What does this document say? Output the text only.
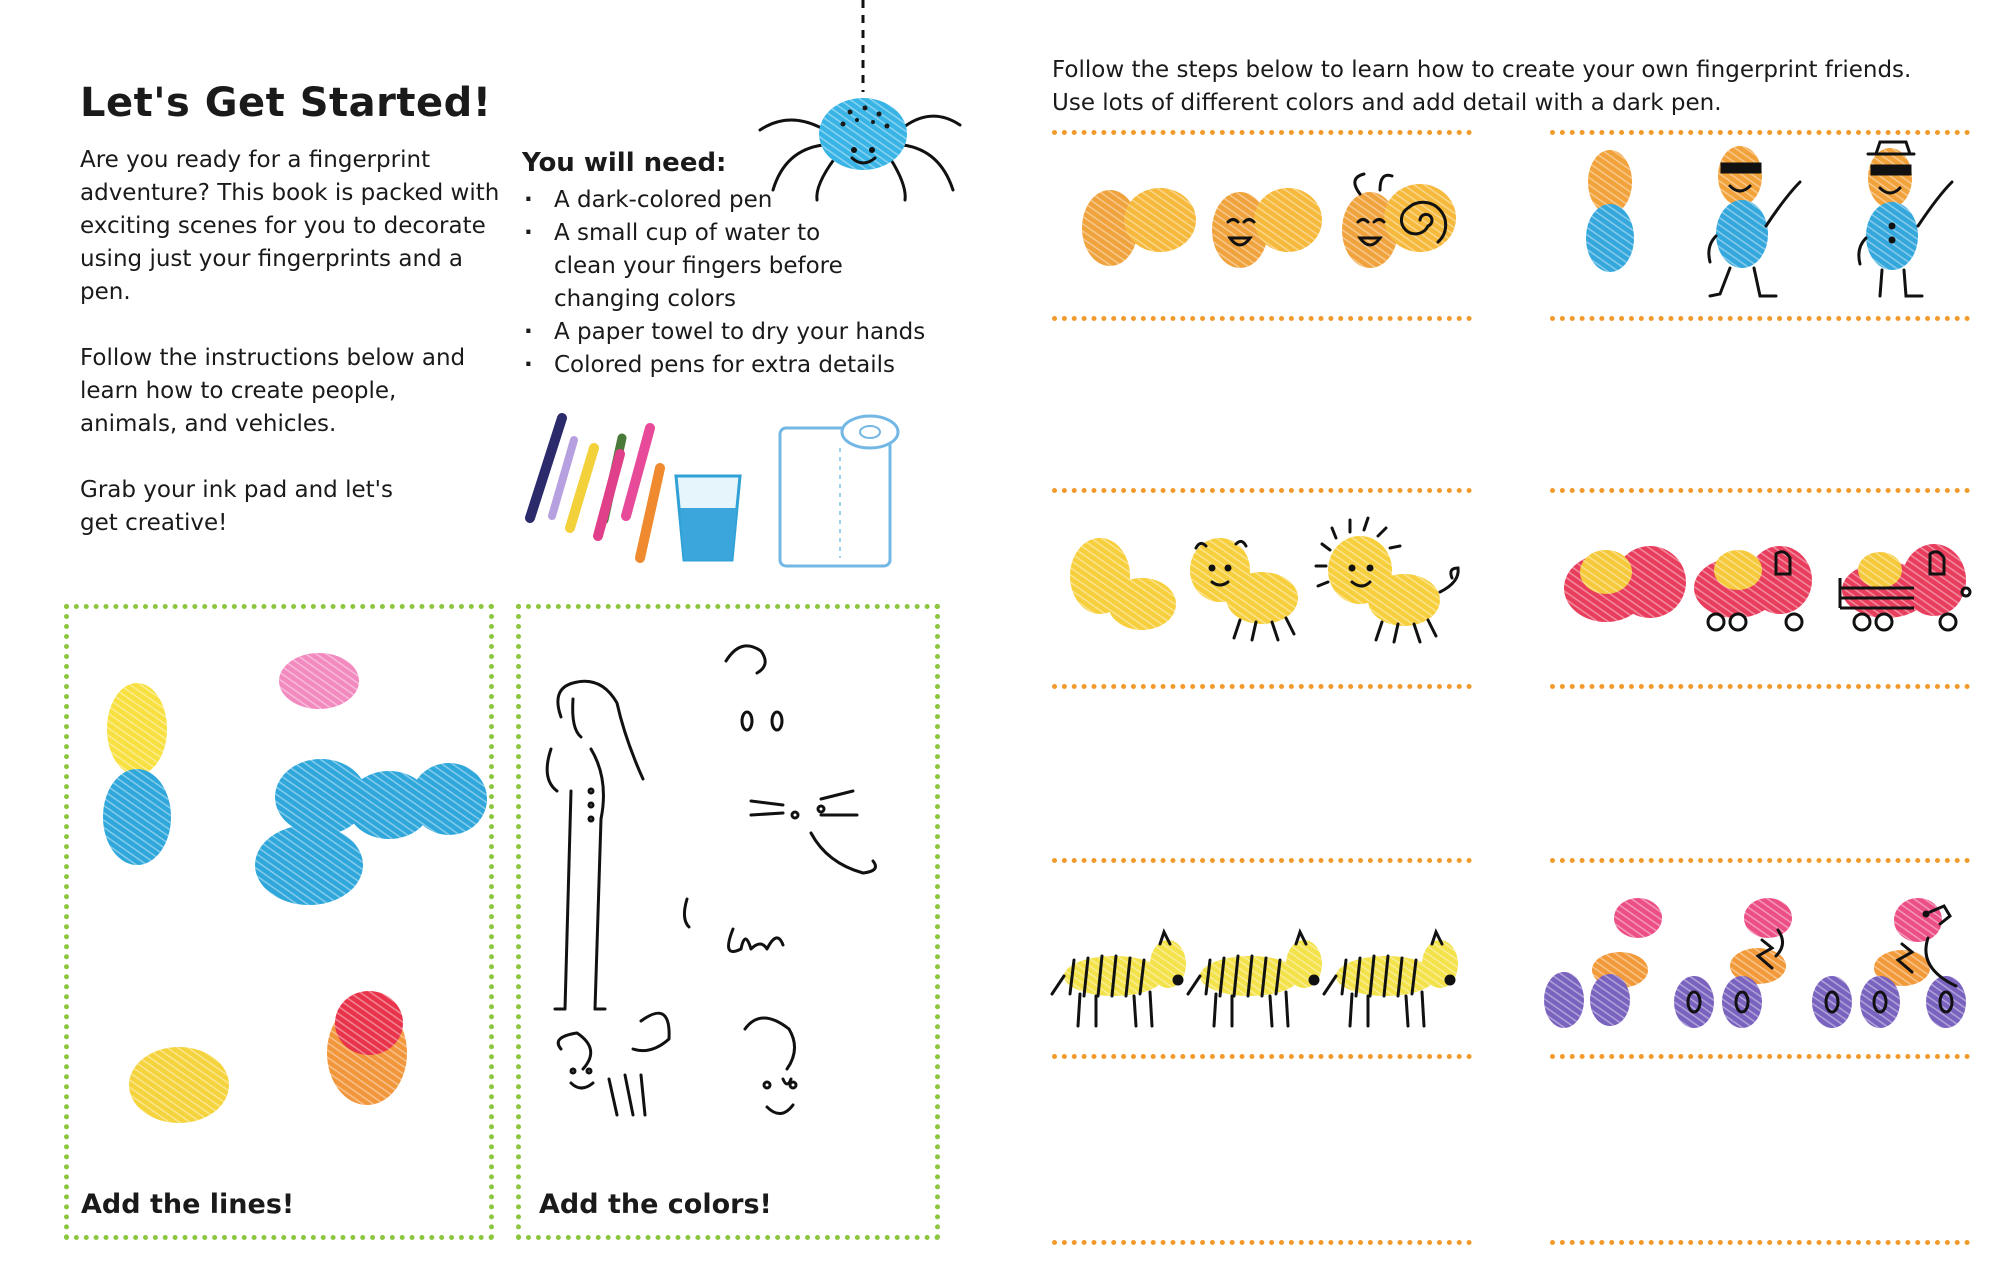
Let's Get Started!
Are you ready for a fingerprint adventure? This book is packed with exciting scenes for you to decorate using just your fingerprints and a pen.
Follow the instructions below and learn how to create people, animals, and vehicles.
Grab your ink pad and let's get creative!
You will need:
· A dark-colored pen
· A small cup of water to clean your fingers before changing colors
· A paper towel to dry your hands
· Colored pens for extra details
Add the lines!	Add the colors!
Follow the steps below to learn how to create your own fingerprint friends.
Use lots of different colors and add detail with a dark pen.
